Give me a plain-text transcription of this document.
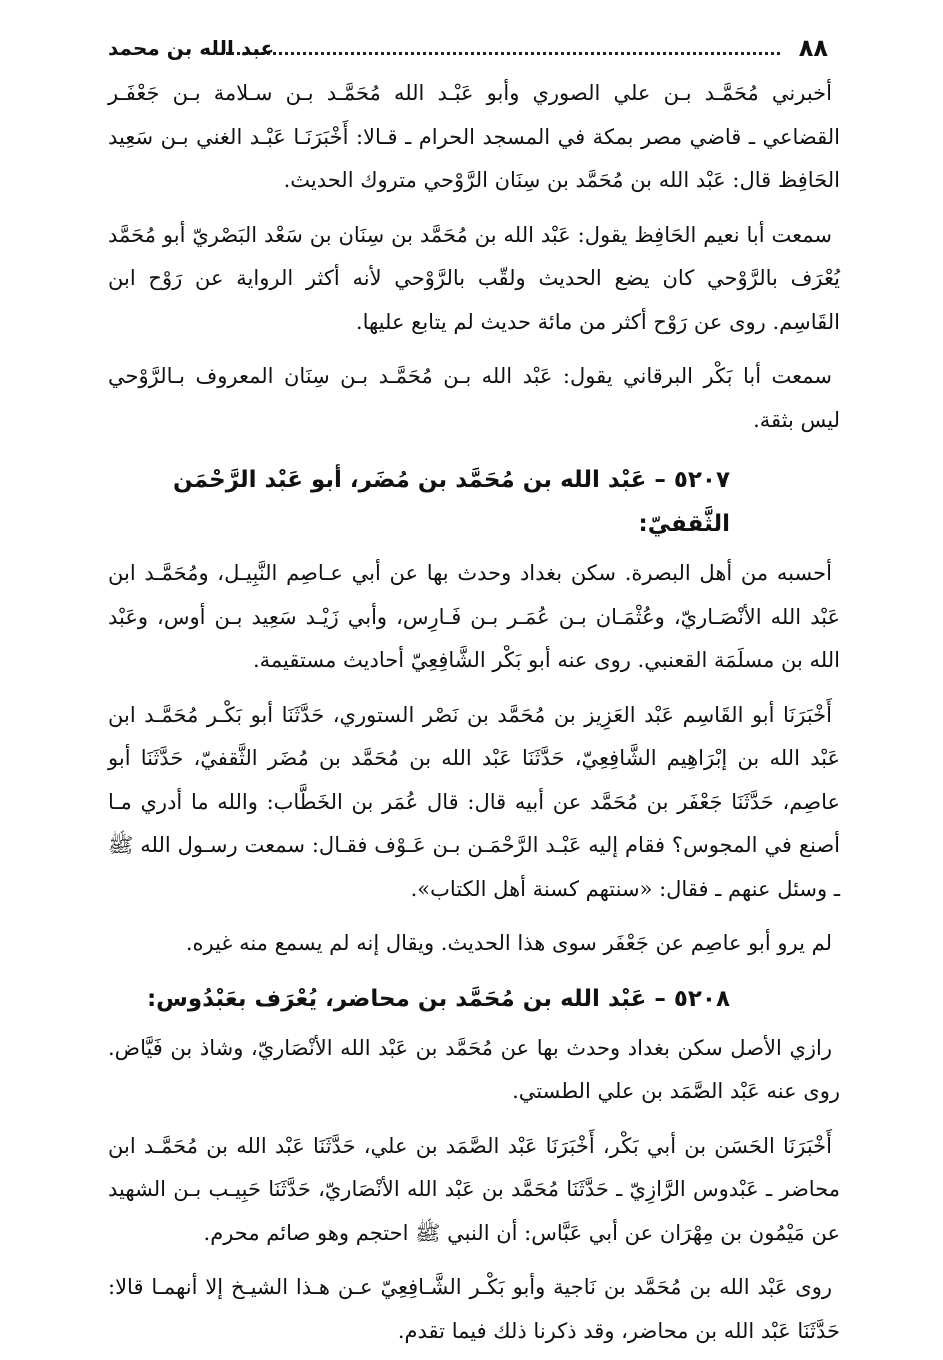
٨٨
عبد الله بن محمد

أخبرني مُحَمَّـد بـن علي الصوري وأبو عَبْـد الله مُحَمَّـد بـن سـلامة بـن جَعْفَـر القضاعي ـ قاضي مصر بمكة في المسجد الحرام ـ قـالا: أَخْبَرَنَـا عَبْـد الغني بـن سَعِيد الحَافِظ قال: عَبْد الله بن مُحَمَّد بن سِنَان الرَّوْحي متروك الحديث.

سمعت أبا نعيم الحَافِظ يقول: عَبْد الله بن مُحَمَّد بن سِنَان بن سَعْد البَصْريّ أبو مُحَمَّد يُعْرَف بالرَّوْحي كان يضع الحديث ولقّب بالرَّوْحي لأنه أكثر الرواية عن رَوْح ابن القَاسِم. روى عن رَوْح أكثر من مائة حديث لم يتابع عليها.

سمعت أبا بَكْر البرقاني يقول: عَبْد الله بـن مُحَمَّـد بـن سِنَان المعروف بـالرَّوْحي ليس بثقة.

٥٢٠٧ – عَبْد الله بن مُحَمَّد بن مُضَر، أبو عَبْد الرَّحْمَن الثَّقفيّ:

أحسبه من أهل البصرة. سكن بغداد وحدث بها عن أبي عـاصِم النَّبِيـل، ومُحَمَّـد ابن عَبْد الله الأنْصَـاريّ، وعُثْمَـان بـن عُمَـر بـن فَـارِس، وأبي زَيْـد سَعِيد بـن أوس، وعَبْد الله بن مسلَمَة القعنبي. روى عنه أبو بَكْر الشَّافِعِيّ أحاديث مستقيمة.

أَخْبَرَنَا أبو القَاسِم عَبْد العَزِيز بن مُحَمَّد بن نَصْر الستوري، حَدَّثَنَا أبو بَكْـر مُحَمَّـد ابن عَبْد الله بن إبْرَاهِيم الشَّافِعِيّ، حَدَّثَنَا عَبْد الله بن مُحَمَّد بن مُضَر الثَّقفيّ، حَدَّثَنَا أبو عاصِم، حَدَّثَنَا جَعْفَر بن مُحَمَّد عن أبيه قال: قال عُمَر بن الخَطَّاب: والله ما أدري مـا أصنع في المجوس؟ فقام إليه عَبْـد الرَّحْمَـن بـن عَـوْف فقـال: سمعت رسـول الله ﷺ ـ وسئل عنهم ـ فقال: «سنتهم كسنة أهل الكتاب».

لم يرو أبو عاصِم عن جَعْفَر سوى هذا الحديث. ويقال إنه لم يسمع منه غيره.

٥٢٠٨ – عَبْد الله بن مُحَمَّد بن محاضر، يُعْرَف بعَبْدُوس:

رازي الأصل سكن بغداد وحدث بها عن مُحَمَّد بن عَبْد الله الأنْصَاريّ، وشاذ بن فَيَّاض. روى عنه عَبْد الصَّمَد بن علي الطستي.

أَخْبَرَنَا الحَسَن بن أبي بَكْر، أَخْبَرَنَا عَبْد الصَّمَد بن علي، حَدَّثَنَا عَبْد الله بن مُحَمَّـد ابن محاضر ـ عَبْدوس الرَّازِيّ ـ حَدَّثَنَا مُحَمَّد بن عَبْد الله الأنْصَاريّ، حَدَّثَنَا حَبِيـب بـن الشهيد عن مَيْمُون بن مِهْرَان عن أبي عَبَّاس: أن النبي ﷺ احتجم وهو صائم محرم.

روى عَبْد الله بن مُحَمَّد بن نَاجية وأبو بَكْـر الشَّـافِعِيّ عـن هـذا الشيـخ إلا أنهمـا قالا: حَدَّثَنَا عَبْد الله بن محاضر، وقد ذكرنا ذلك فيما تقدم.
